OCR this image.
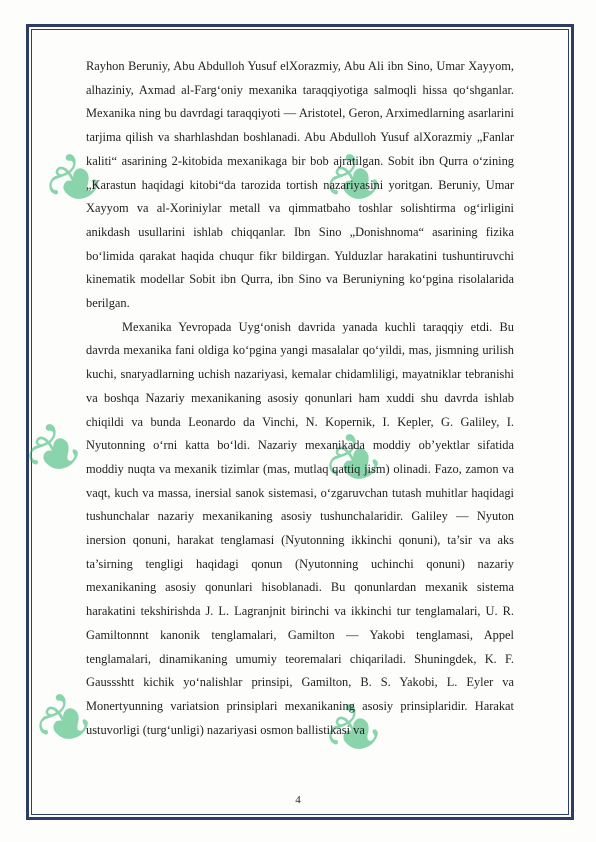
❦	❦
❦	❦
❦	❦

Rayhon Beruniy, Abu Abdulloh Yusuf elXorazmiy, Abu Ali ibn Sino, Umar Xayyom, alhaziniy, Axmad al-Farg‘oniy mexanika taraqqiyotiga salmoqli hissa qo‘shganlar. Mexanika ning bu davrdagi taraqqiyoti — Aristotel, Geron, Arximedlarning asarlarini tarjima qilish va sharhlashdan boshlanadi. Abu Abdulloh Yusuf alXorazmiy „Fanlar kaliti“ asarining 2-kitobida mexanikaga bir bob ajratilgan. Sobit ibn Qurra o‘zining „Karastun haqidagi kitobi“da tarozida tortish nazariyasini yoritgan. Beruniy, Umar Xayyom va al-Xoriniylar metall va qimmatbaho toshlar solishtirma og‘irligini anikdash usullarini ishlab chiqqanlar. Ibn Sino „Donishnoma“ asarining fizika bo‘limida qarakat haqida chuqur fikr bildirgan. Yulduzlar harakatini tushuntiruvchi kinematik modellar Sobit ibn Qurra, ibn Sino va Beruniyning ko‘pgina risolalarida berilgan.

Mexanika Yevropada Uyg‘onish davrida yanada kuchli taraqqiy etdi. Bu davrda mexanika fani oldiga ko‘pgina yangi masalalar qo‘yildi, mas, jismning urilish kuchi, snaryadlarning uchish nazariyasi, kemalar chidamliligi, mayatniklar tebranishi va boshqa Nazariy mexanikaning asosiy qonunlari ham xuddi shu davrda ishlab chiqildi va bunda Leonardo da Vinchi, N. Kopernik, I. Kepler, G. Galiley, I. Nyutonning o‘rni katta bo‘ldi. Nazariy mexanikada moddiy ob’yektlar sifatida moddiy nuqta va mexanik tizimlar (mas, mutlaq qattiq jism) olinadi. Fazo, zamon va vaqt, kuch va massa, inersial sanok sistemasi, o‘zgaruvchan tutash muhitlar haqidagi tushunchalar nazariy mexanikaning asosiy tushunchalaridir. Galiley — Nyuton inersion qonuni, harakat tenglamasi (Nyutonning ikkinchi qonuni), ta’sir va aks ta’sirning tengligi haqidagi qonun (Nyutonning uchinchi qonuni) nazariy mexanikaning asosiy qonunlari hisoblanadi. Bu qonunlardan mexanik sistema harakatini tekshirishda J. L. Lagranjnit birinchi va ikkinchi tur tenglamalari, U. R. Gamiltonnnt kanonik tenglamalari, Gamilton — Yakobi tenglamasi, Appel tenglamalari, dinamikaning umumiy teoremalari chiqariladi. Shuningdek, K. F. Gaussshtt kichik yo‘nalishlar prinsipi, Gamilton, B. S. Yakobi, L. Eyler va Monertyunning variatsion prinsiplari mexanikaning asosiy prinsiplaridir. Harakat ustuvorligi (turg‘unligi) nazariyasi osmon ballistikasi va

4
